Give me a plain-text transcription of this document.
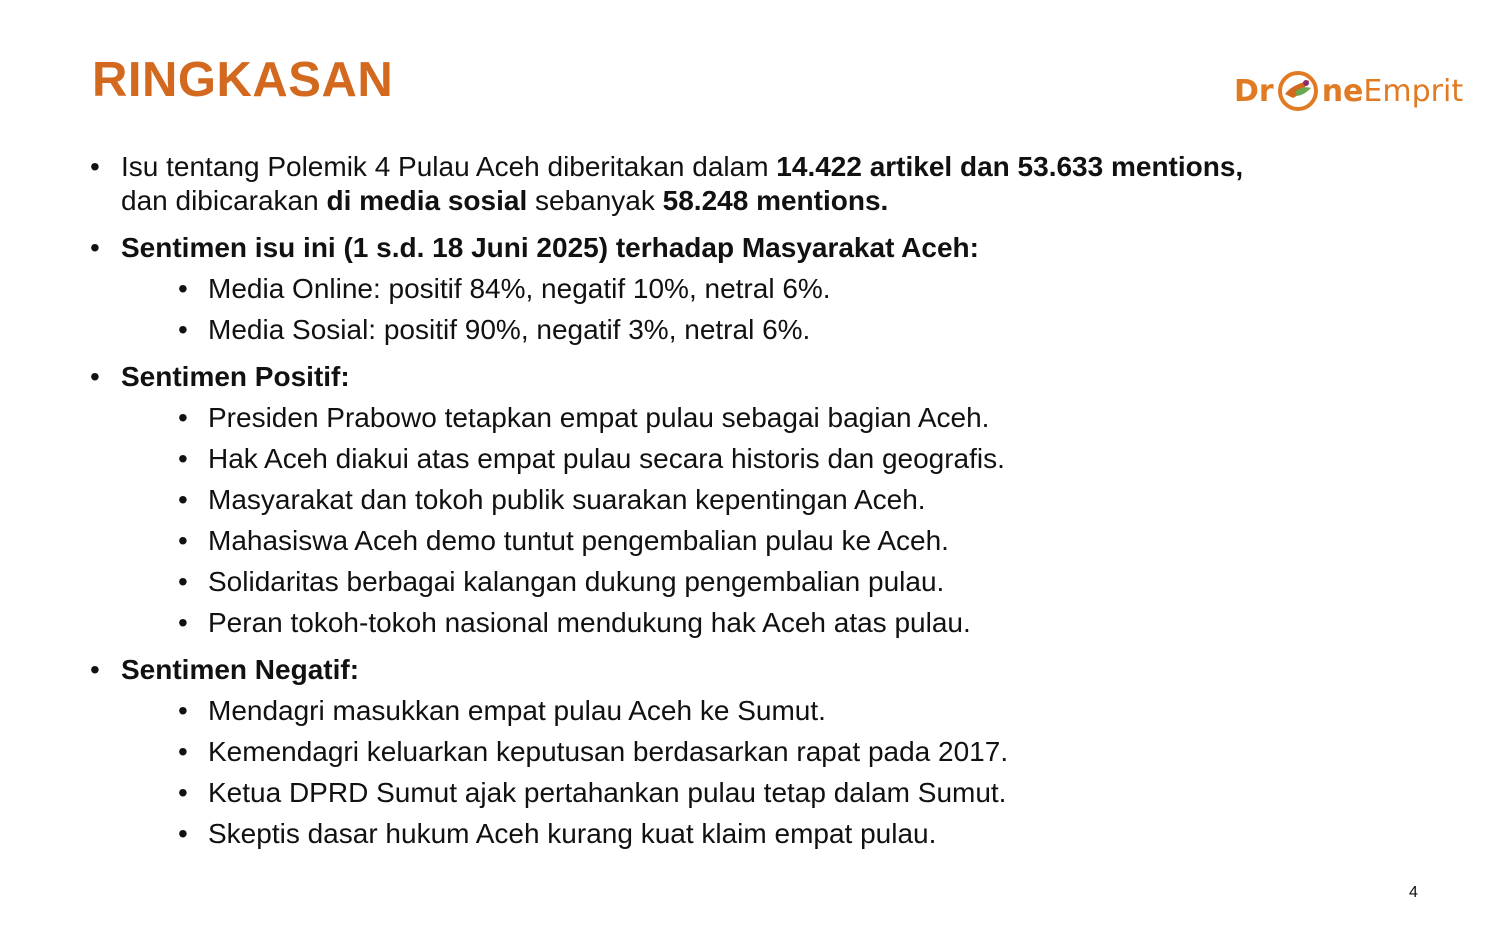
RINGKASAN	Dr ne Emprit
• Isu tentang Polemik 4 Pulau Aceh diberitakan dalam 14.422 artikel dan 53.633 mentions,
dan dibicarakan di media sosial sebanyak 58.248 mentions.
• Sentimen isu ini (1 s.d. 18 Juni 2025) terhadap Masyarakat Aceh:
• Media Online: positif 84%, negatif 10%, netral 6%.
• Media Sosial: positif 90%, negatif 3%, netral 6%.
• Sentimen Positif:
• Presiden Prabowo tetapkan empat pulau sebagai bagian Aceh.
• Hak Aceh diakui atas empat pulau secara historis dan geografis.
• Masyarakat dan tokoh publik suarakan kepentingan Aceh.
• Mahasiswa Aceh demo tuntut pengembalian pulau ke Aceh.
• Solidaritas berbagai kalangan dukung pengembalian pulau.
• Peran tokoh-tokoh nasional mendukung hak Aceh atas pulau.
• Sentimen Negatif:
• Mendagri masukkan empat pulau Aceh ke Sumut.
• Kemendagri keluarkan keputusan berdasarkan rapat pada 2017.
• Ketua DPRD Sumut ajak pertahankan pulau tetap dalam Sumut.
• Skeptis dasar hukum Aceh kurang kuat klaim empat pulau.
4
